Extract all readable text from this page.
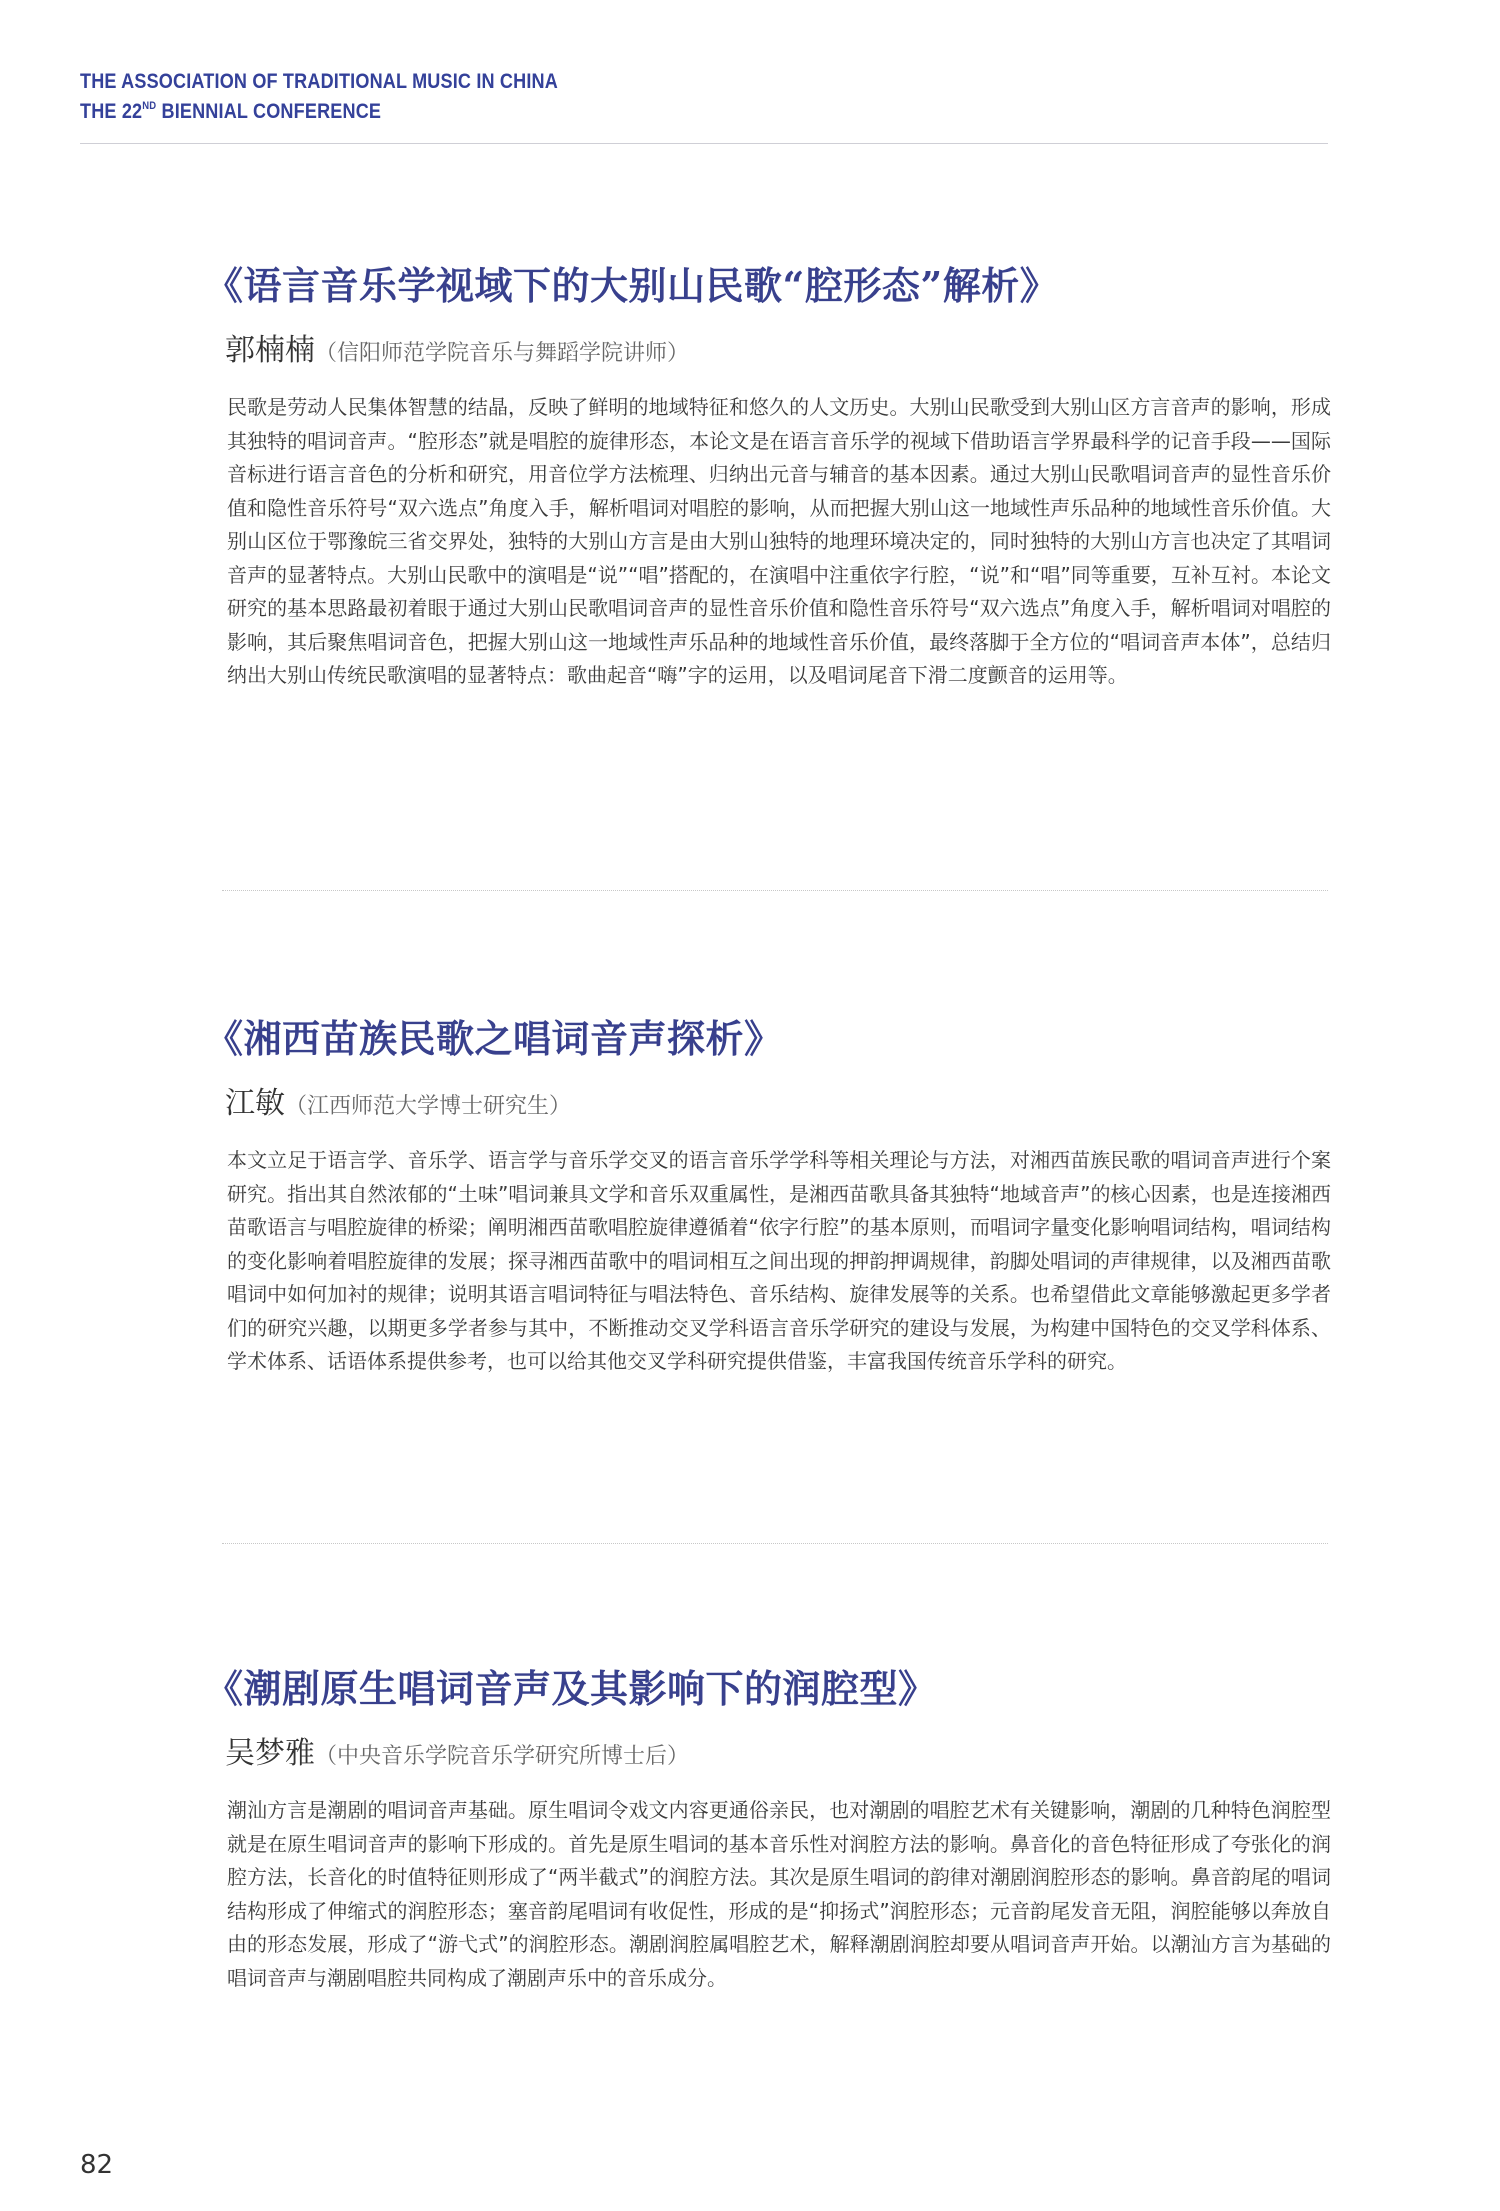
THE ASSOCIATION OF TRADITIONAL MUSIC IN CHINA
THE 22ND BIENNIAL CONFERENCE
《语言音乐学视域下的大别山民歌“腔形态”解析》
郭楠楠（信阳师范学院音乐与舞蹈学院讲师）
民歌是劳动人民集体智慧的结晶，反映了鲜明的地域特征和悠久的人文历史。大别山民歌受到大别山区方言音声的影响，形成其独特的唱词音声。“腔形态”就是唱腔的旋律形态，本论文是在语言音乐学的视域下借助语言学界最科学的记音手段——国际音标进行语言音色的分析和研究，用音位学方法梳理、归纳出元音与辅音的基本因素。通过大别山民歌唱词音声的显性音乐价值和隐性音乐符号“双六选点”角度入手，解析唱词对唱腔的影响，从而把握大别山这一地域性声乐品种的地域性音乐价值。大别山区位于鄂豫皖三省交界处，独特的大别山方言是由大别山独特的地理环境决定的，同时独特的大别山方言也决定了其唱词音声的显著特点。大别山民歌中的演唱是“说”“唱”搭配的，在演唱中注重依字行腔，“说”和“唱”同等重要，互补互衬。本论文研究的基本思路最初着眼于通过大别山民歌唱词音声的显性音乐价值和隐性音乐符号“双六选点”角度入手，解析唱词对唱腔的影响，其后聚焦唱词音色，把握大别山这一地域性声乐品种的地域性音乐价值，最终落脚于全方位的“唱词音声本体”，总结归纳出大别山传统民歌演唱的显著特点：歌曲起音“嗨”字的运用，以及唱词尾音下滑二度颤音的运用等。
《湘西苗族民歌之唱词音声探析》
江敏（江西师范大学博士研究生）
本文立足于语言学、音乐学、语言学与音乐学交叉的语言音乐学学科等相关理论与方法，对湘西苗族民歌的唱词音声进行个案研究。指出其自然浓郁的“土味”唱词兼具文学和音乐双重属性，是湘西苗歌具备其独特“地域音声”的核心因素，也是连接湘西苗歌语言与唱腔旋律的桥梁；阐明湘西苗歌唱腔旋律遵循着“依字行腔”的基本原则，而唱词字量变化影响唱词结构，唱词结构的变化影响着唱腔旋律的发展；探寻湘西苗歌中的唱词相互之间出现的押韵押调规律，韵脚处唱词的声律规律，以及湘西苗歌唱词中如何加衬的规律；说明其语言唱词特征与唱法特色、音乐结构、旋律发展等的关系。也希望借此文章能够激起更多学者们的研究兴趣，以期更多学者参与其中，不断推动交叉学科语言音乐学研究的建设与发展，为构建中国特色的交叉学科体系、学术体系、话语体系提供参考，也可以给其他交叉学科研究提供借鉴，丰富我国传统音乐学科的研究。
《潮剧原生唱词音声及其影响下的润腔型》
吴梦雅（中央音乐学院音乐学研究所博士后）
潮汕方言是潮剧的唱词音声基础。原生唱词令戏文内容更通俗亲民，也对潮剧的唱腔艺术有关键影响，潮剧的几种特色润腔型就是在原生唱词音声的影响下形成的。首先是原生唱词的基本音乐性对润腔方法的影响。鼻音化的音色特征形成了夸张化的润腔方法，长音化的时值特征则形成了“两半截式”的润腔方法。其次是原生唱词的韵律对潮剧润腔形态的影响。鼻音韵尾的唱词结构形成了伸缩式的润腔形态；塞音韵尾唱词有收促性，形成的是“抑扬式”润腔形态；元音韵尾发音无阻，润腔能够以奔放自由的形态发展，形成了“游弋式”的润腔形态。潮剧润腔属唱腔艺术，解释潮剧润腔却要从唱词音声开始。以潮汕方言为基础的唱词音声与潮剧唱腔共同构成了潮剧声乐中的音乐成分。
82
